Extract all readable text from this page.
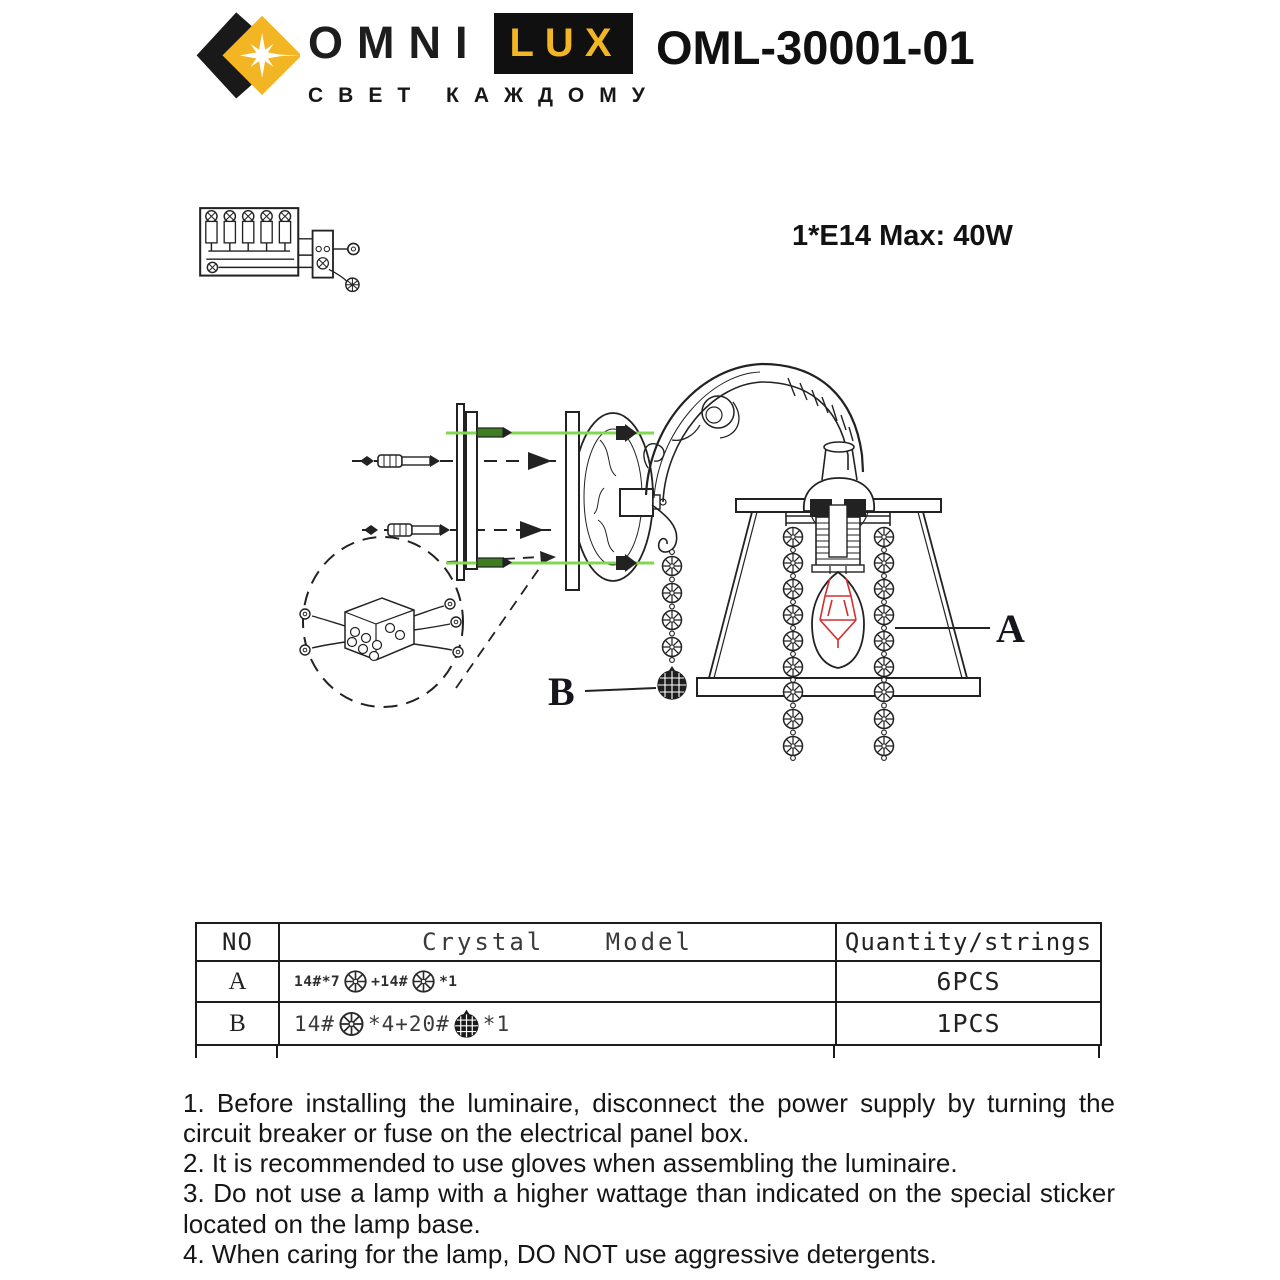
OMNI LUX
СВЕТ КАЖДОМУ
OML-30001-01
1*E14 Max: 40W
A
B
NO	Crystal Model	Quantity/strings
A	14#*7 +14# *1	6PCS
B	14# *4+20# *1	1PCS

1. Before installing the luminaire, disconnect the power supply by turning the circuit breaker or fuse on the electrical panel box.

2. It is recommended to use gloves when assembling the luminaire.

3. Do not use a lamp with a higher wattage than indicated on the special sticker located on the lamp base.

4. When caring for the lamp, DO NOT use aggressive detergents.
